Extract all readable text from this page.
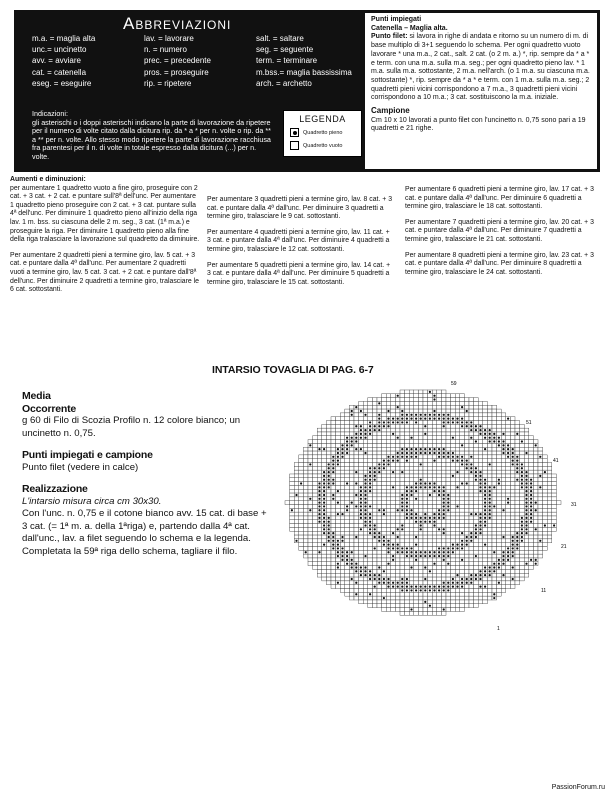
Abbreviazioni
m.a. = maglia alta
unc.= uncinetto
avv. = avviare
cat. = catenella
eseg. = eseguire
lav. = lavorare
n. = numero
prec. = precedente
pros. = proseguire
rip. = ripetere
salt. = saltare
seg. = seguente
term. = terminare
m.bss.= maglia bassissima
arch. = archetto
Indicazioni:
gli asterischi o i doppi asterischi indicano la parte di lavorazione da ripetere per il numero di volte citato dalla dicitura rip. da * a * per n. volte o rip. da ** a ** per n. volte. Allo stesso modo ripetere la parte di lavorazione racchiusa fra parentesi per il n. di volte in totale espresso dalla dicitura (...) per n. volte.
LEGENDA
Quadretto pieno
Quadretto vuoto
Punti impiegati
Catenella – Maglia alta.
Punto filet: si lavora in righe di andata e ritorno su un numero di m. di base multiplo di 3+1 seguendo lo schema. Per ogni quadretto vuoto lavorare * una m.a., 2 cat., salt. 2 cat. (o 2 m. a.) *, rip. sempre da * a * e term. con una m.a. sulla m.a. seg.; per ogni quadretto pieno lav. * 1 m.a. sulla m.a. sottostante, 2 m.a. nell'arch. (o 1 m.a. su ciascuna m.a. sottostante) *, rip. sempre da * a * e term. con 1 m.a. sulla m.a. seg.; 2 quadretti pieni vicini corrispondono a 7 m.a., 3 quadretti pieni vicini corrispondono a 10 m.a.; 3 cat. sostituiscono la m.a. iniziale.
Campione
Cm 10 x 10 lavorati a punto filet con l'uncinetto n. 0,75 sono pari a 19 quadretti e 21 righe.

Aumenti e diminuzioni:
per aumentare 1 quadretto vuoto a fine giro, proseguire con 2 cat. + 3 cat. + 2 cat. e puntare sull'8ª dell'unc. Per aumentare 1 quadretto pieno proseguire con 2 cat. + 3 cat. puntare sulla 4ª dell'unc. Per diminuire 1 quadretto pieno all'inizio della riga lav. 1 m. bss. su ciascuna delle 2 m. seg., 3 cat. (1ª m.a.) e proseguire la riga. Per diminuire 1 quadretto pieno alla fine della riga tralasciare la lavorazione sul quadretto da diminuire.

Per aumentare 2 quadretti pieni a termine giro, lav. 5 cat. + 3 cat. e puntare dalla 4ª dall'unc. Per aumentare 2 quadretti vuoti a termine giro, lav. 5 cat. 3 cat. + 2 cat. e puntare dall'8ª dell'unc. Per diminuire 2 quadretti a termine giro, tralasciare le 6 cat. sottostanti.

Per aumentare 3 quadretti pieni a termine giro, lav. 8 cat. + 3 cat. e puntare dalla 4ª dall'unc. Per diminuire 3 quadretti a termine giro, tralasciare le 9 cat. sottostanti.

Per aumentare 4 quadretti pieni a termine giro, lav. 11 cat. + 3 cat. e puntare dalla 4ª dall'unc. Per diminuire 4 quadretti a termine giro, tralasciare le 12 cat. sottostanti.

Per aumentare 5 quadretti pieni a termine giro, lav. 14 cat. + 3 cat. e puntare dalla 4ª dall'unc. Per diminuire 5 quadretti a termine giro, tralasciare le 15 cat. sottostanti.

Per aumentare 6 quadretti pieni a termine giro, lav. 17 cat. + 3 cat. e puntare dalla 4ª dall'unc. Per diminuire 6 quadretti a termine giro, tralasciare le 18 cat. sottostanti.

Per aumentare 7 quadretti pieni a termine giro, lav. 20 cat. + 3 cat. e puntare dalla 4ª dall'unc. Per diminuire 7 quadretti a termine giro, tralasciare le 21 cat. sottostanti.

Per aumentare 8 quadretti pieni a termine giro, lav. 23 cat. + 3 cat. e puntare dalla 4ª dall'unc. Per diminuire 8 quadretti a termine giro, tralasciare le 24 cat. sottostanti.

INTARSIO TOVAGLIA DI PAG. 6-7
Media
Occorrente

g 60 di Filo di Scozia Profilo n. 12 colore bianco; un uncinetto n. 0,75.

Punti impiegati e campione

Punto filet (vedere in calce)

Realizzazione
L'intarsio misura circa cm 30x30.

Con l'unc. n. 0,75 e il cotone bianco avv. 15 cat. di base + 3 cat. (= 1ª m. a. della 1ªriga) e, partendo dalla 4ª cat. dall'unc., lav. a filet seguendo lo schema e la legenda. Completata la 59ª riga dello schema, tagliare il filo.

59
51
41
31
21
11
1
PassionForum.ru
